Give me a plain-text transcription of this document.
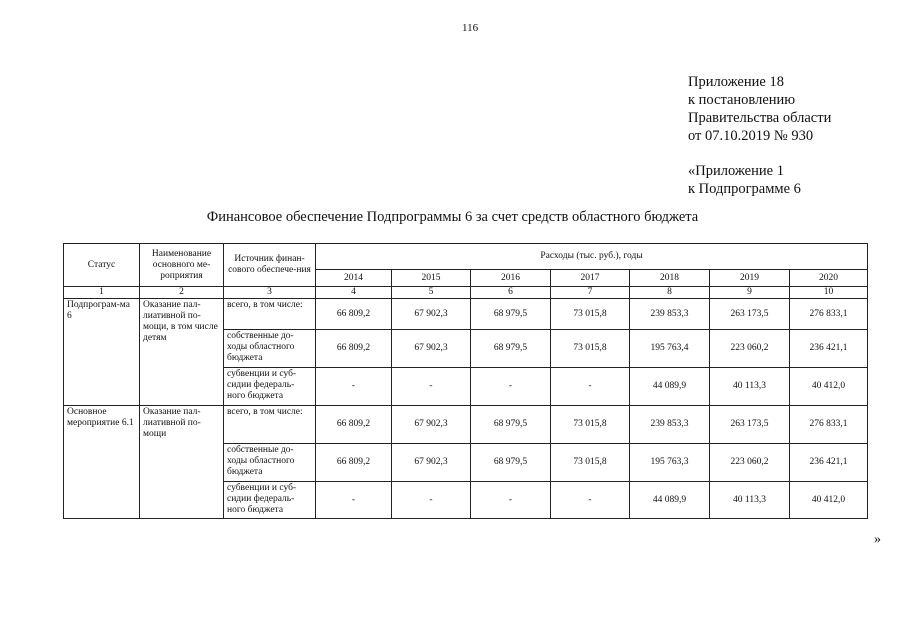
116
Приложение 18
к постановлению
Правительства области
от 07.10.2019 № 930
«Приложение 1
к Подпрограмме 6
Финансовое обеспечение Подпрограммы 6 за счет средств областного бюджета
Статус	Наименование основного ме-роприятия	Источник финан-сового обеспече-ния	Расходы (тыс. руб.), годы						
			2014	2015	2016	2017	2018	2019	2020
1	2	3	4	5	6	7	8	9	10
Подпрограм-ма 6	Оказание пал-лиативной по-мощи, в том числе детям	всего, в том числе:	66 809,2	67 902,3	68 979,5	73 015,8	239 853,3	263 173,5	276 833,1
		собственные до-ходы областного бюджета	66 809,2	67 902,3	68 979,5	73 015,8	195 763,4	223 060,2	236 421,1
		субвенции и суб-сидии федераль-ного бюджета	-	-	-	-	44 089,9	40 113,3	40 412,0
Основное мероприятие 6.1	Оказание пал-лиативной по-мощи	всего, в том числе:	66 809,2	67 902,3	68 979,5	73 015,8	239 853,3	263 173,5	276 833,1
		собственные до-ходы областного бюджета	66 809,2	67 902,3	68 979,5	73 015,8	195 763,3	223 060,2	236 421,1
		субвенции и суб-сидии федераль-ного бюджета	-	-	-	-	44 089,9	40 113,3	40 412,0
»
